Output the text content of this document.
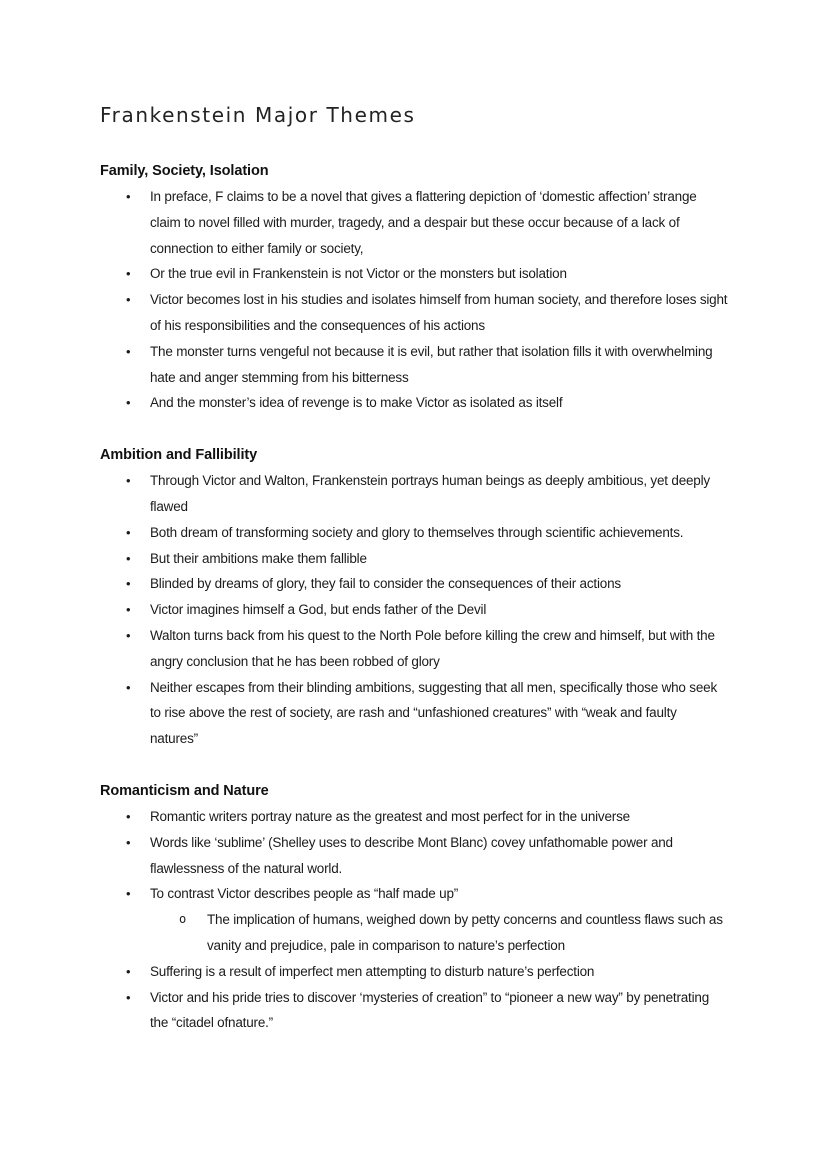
Frankenstein Major Themes
Family, Society, Isolation
•	In preface, F claims to be a novel that gives a flattering depiction of ‘domestic affection’ strange claim to novel filled with murder, tragedy, and a despair but these occur because of a lack of connection to either family or society,
•	Or the true evil in Frankenstein is not Victor or the monsters but isolation
•	Victor becomes lost in his studies and isolates himself from human society, and therefore loses sight of his responsibilities and the consequences of his actions
•	The monster turns vengeful not because it is evil, but rather that isolation fills it with overwhelming hate and anger stemming from his bitterness
•	And the monster’s idea of revenge is to make Victor as isolated as itself
Ambition and Fallibility
•	Through Victor and Walton, Frankenstein portrays human beings as deeply ambitious, yet deeply flawed
•	Both dream of transforming society and glory to themselves through scientific achievements.
•	But their ambitions make them fallible
•	Blinded by dreams of glory, they fail to consider the consequences of their actions
•	Victor imagines himself a God, but ends father of the Devil
•	Walton turns back from his quest to the North Pole before killing the crew and himself, but with the angry conclusion that he has been robbed of glory
•	Neither escapes from their blinding ambitions, suggesting that all men, specifically those who seek to rise above the rest of society, are rash and “unfashioned creatures” with “weak and faulty natures”
Romanticism and Nature
•	Romantic writers portray nature as the greatest and most perfect for in the universe
•	Words like ‘sublime’ (Shelley uses to describe Mont Blanc) covey unfathomable power and flawlessness of the natural world.
•	To contrast Victor describes people as “half made up”
o	The implication of humans, weighed down by petty concerns and countless flaws such as vanity and prejudice, pale in comparison to nature’s perfection
•	Suffering is a result of imperfect men attempting to disturb nature’s perfection
•	Victor and his pride tries to discover ‘mysteries of creation” to “pioneer a new way” by penetrating the “citadel ofnature.”
